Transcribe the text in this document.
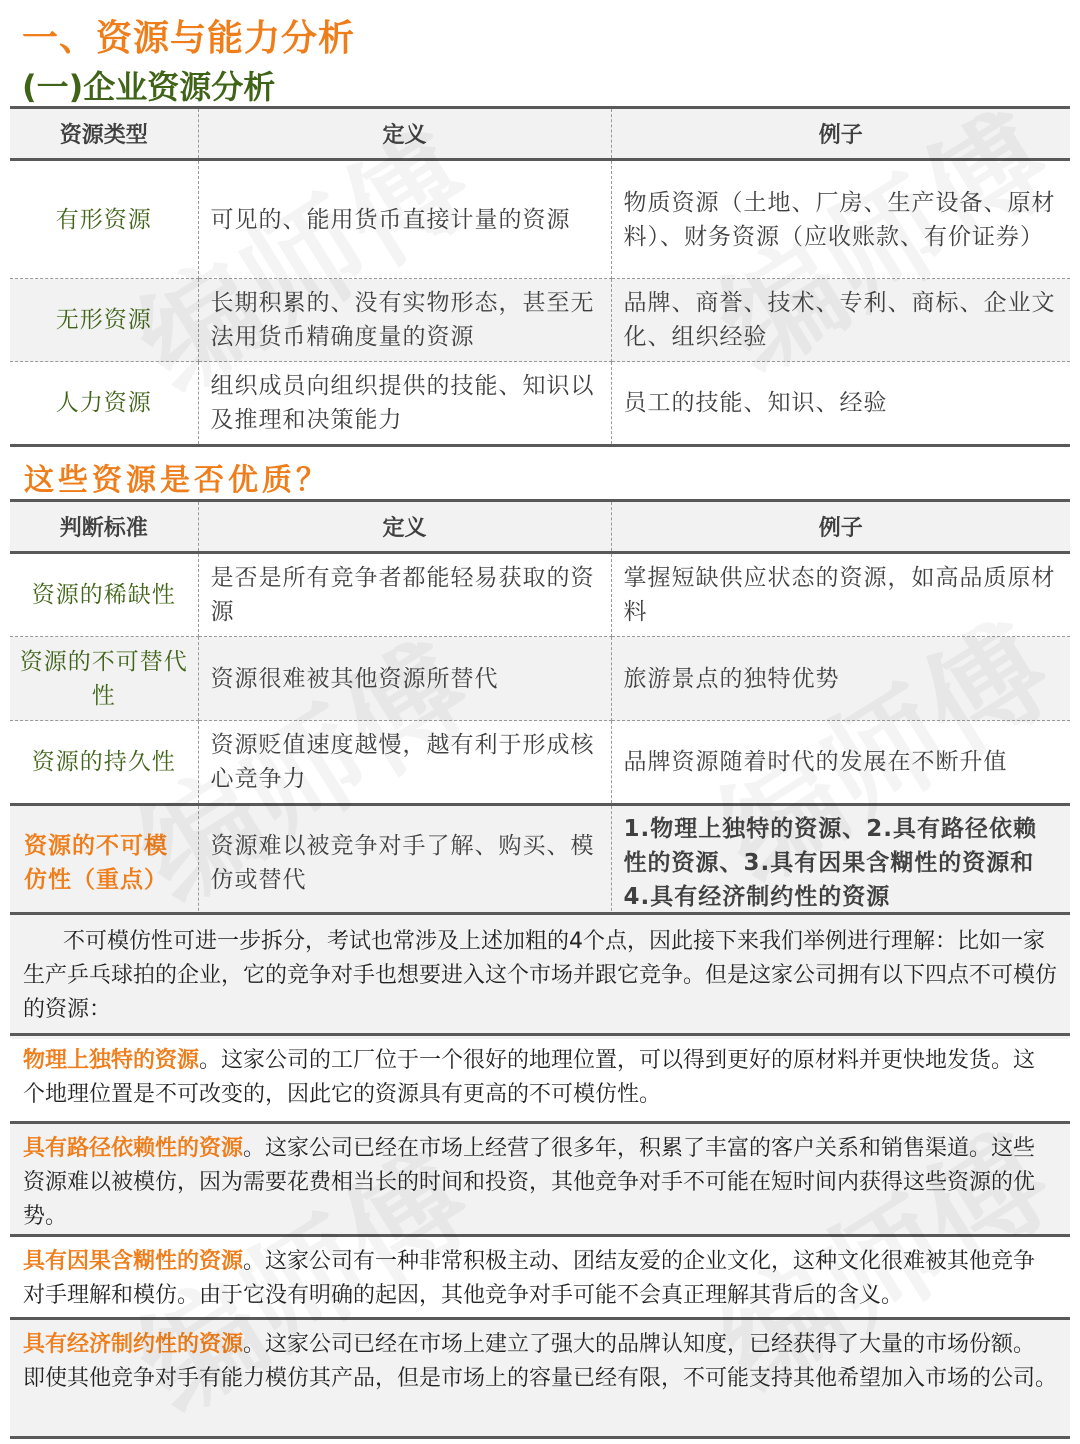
一、资源与能力分析
(一)企业资源分析
资源类型	定义	例子
有形资源	可见的、能用货币直接计量的资源	物质资源（土地、厂房、生产设备、原材料）、财务资源（应收账款、有价证券）
无形资源	长期积累的、没有实物形态，甚至无法用货币精确度量的资源	品牌、商誉、技术、专利、商标、企业文化、组织经验
人力资源	组织成员向组织提供的技能、知识以及推理和决策能力	员工的技能、知识、经验
这些资源是否优质？
判断标准	定义	例子
资源的稀缺性	是否是所有竞争者都能轻易获取的资源	掌握短缺供应状态的资源，如高品质原材料
资源的不可替代性	资源很难被其他资源所替代	旅游景点的独特优势
资源的持久性	资源贬值速度越慢，越有利于形成核心竞争力	品牌资源随着时代的发展在不断升值
资源的不可模仿性（重点）	资源难以被竞争对手了解、购买、模仿或替代	1.物理上独特的资源、2.具有路径依赖性的资源、3.具有因果含糊性的资源和4.具有经济制约性的资源
不可模仿性可进一步拆分，考试也常涉及上述加粗的4个点，因此接下来我们举例进行理解：比如一家生产乒乓球拍的企业，它的竞争对手也想要进入这个市场并跟它竞争。但是这家公司拥有以下四点不可模仿的资源：
物理上独特的资源。这家公司的工厂位于一个很好的地理位置，可以得到更好的原材料并更快地发货。这个地理位置是不可改变的，因此它的资源具有更高的不可模仿性。
具有路径依赖性的资源。这家公司已经在市场上经营了很多年，积累了丰富的客户关系和销售渠道。这些资源难以被模仿，因为需要花费相当长的时间和投资，其他竞争对手不可能在短时间内获得这些资源的优势。
具有因果含糊性的资源。这家公司有一种非常积极主动、团结友爱的企业文化，这种文化很难被其他竞争对手理解和模仿。由于它没有明确的起因，其他竞争对手可能不会真正理解其背后的含义。
具有经济制约性的资源。这家公司已经在市场上建立了强大的品牌认知度，已经获得了大量的市场份额。即使其他竞争对手有能力模仿其产品，但是市场上的容量已经有限，不可能支持其他希望加入市场的公司。
